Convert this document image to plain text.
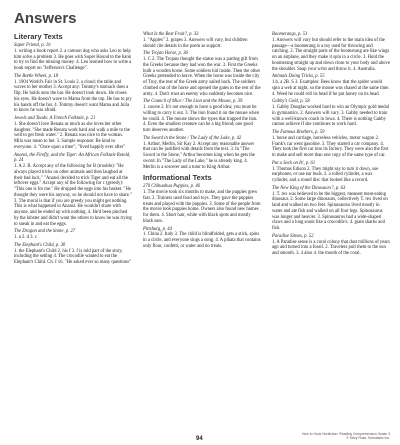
Answers
Literary Texts
Super Friend, p. 1b
1. writing a book report 2. a cartoon dog who asks Leo to help him solve a problem 3. He goes with Super Hound to the bank to try to find the missing money. 4. Leo learned how to write a book report on "Jefferson's Challenge".
The Bottle Wheel, p. 18
1. 1904 World's Fair in St. Louis 2. a cloud; the table and waves to her mother 3. Accept any: Tommy's stomach does a flip. He holds onto the bar. He doesn't look down. He closes his eyes. He doesn't wave to Mama from the top. He has to pry his hands off the bar. 4. Tommy doesn't want Mama and Julia to know he was afraid.
Jewels and Toads: A French Folktale, p. 21
1. She doesn't love Renata as much as she loves her other daughter. "She made Renata work hard and walk a mile to the well to get fresh water." 2. Renata was nice to the woman. Mila was mean to her. 3. Sample response: Be kind to everyone. 4. "Once upon a time"; "lived happily ever after"
Anansi, the Firefly, and the Tiger: An African Folktale Retold, p. 24
1. A 2. B. Accept any of the following for B (trouble): "He always played tricks on other animals and then laughed at their bad luck." "Anansi decided to trick Tiger and eat all the leftover eggs." Accept any of the following for c (greedy): "This one is for me." He dropped the eggs into his basket. "He thought they were his anyway, so he should not have to share." 3. The moral is that if you are greedy you might get nothing. This is what happened to Anansi. He wouldn't share with anyone, and he ended up with nothing. 4. He'd been pinched by the lobster and didn't want the others to know he was trying to sneak in and eat the eggs.
The Dragon and the Stone, p. 27
1. a 2. d 3. c
The Elephant's Child, p. 30
1. the Elephant's Child 2. his f 3. f is told part of the story, including the setting 4. The crocodile wanted to eat the Elephant's Child. Ch. f 16. "He asked ever so many questions"
What Is the Best Fruit?, p. 33
1. "Apples" 2. grapes 3. Answers will vary, but children should cite details in the poem as support.
The Trojan Horse, p. 36
1. C 2. The Trojans thought the statue was a parting gift from the Greeks because they had won the war. 3. First the Greeks built a wooden horse. Some soldiers hid inside. Then the other Greeks pretended to leave. When the horse was inside the city of Troy, the rest of the Greek army sailed back. The soldiers climbed out of the horse and opened the gates to the rest of the army. 4. Don't trust an enemy who suddenly becomes nice.
The Council of Mice / The Lion and the Mouse, p. 39
1. course 2. It's not enough to have a good idea; you must be willing to carry it out. 3. The lion found it on the mouse when he could. 4. The mouse shows the types that trapped the lion. 4. Even the smallest creature can be a big friend; one good turn deserves another.
The Sword in the Stone / The Lady of the Lake, p. 42
1. Arthur, Merlin, Sir Kay 2. Accept any reasonable answer that can be justified with details from the text. 3. In "The Sword in the Stone," Arthur becomes king when he gets the sword. In "The Lady of the Lake," he is already king. 4. Merlin is a sorcerer and a tutor to King Arthur.
Informational Texts
270 Chihuahua Puppies, p. 46
1. The movie took six months to make, and the puppies grew fast. 2. Trainers used food and toys. They gave the puppies treats and played with the puppies. 3. Some of the people from the movie took puppies home. Owners also found new homes for them. 4. Short hair, white with black spots and mostly black ears.
Pittsburg, p. 44
1. China 2. Italy 3. The child is blindfolded, gets a stick, spins in a circle, and everyone sings a song. 4. A piñata that contains only flour, confetti, or water and no treats.
Boomerangs, p. 51
1. Answers will vary but should refer to the main idea of the passage—a boomerang is a toy used for throwing and catching. 2. The straight parts of the boomerang are like wings on an airplane, and they make it spin in a circle. 3. Hold the boomerang straight up and down close to your body and above the shoulder. Snap your wrist and throw it. 4. Australia.
Animals Doing Tricks, p. 55
1.b, a 2B. S 3. Examples: Bees know that the spider would spin a web at night, so the moose was chased at the same time. 4. Weed he could roll its head if he put honey on its head.
Gabby's Gold, p. 58
1. Gabby Douglas worked hard to win an Olympic gold medal in gymnastics. 2. Answers will vary. 3. Gabby needed to train with a well-known coach in Iowa. 4. There is nothing Gabby cannot achieve if she continues to work hard.
The Famous Brothers, p. 59
1. horse and carriage, horseless vehicles, motor wagon 2. Frank's car went gasoline. 3. They started a car company. 4. They took the first car into its factory. They were also the first to make and sell more than one copy of the same type of car.
Put a Sock on It!, p. 61
1. Thomas Edison 2. They might say to turn it down, use earphones, or use ear buds. 3. a rolled cylinder, a wax cylinder, and a round disc that looked like a record.
The New King of the Dinosaurs?, p. 63
1. T. rex was believed to be the biggest, meanest meat-eating dinosaur. 2. Some large dinosaurs, collectively T. rex lived on land and walked on two feet. Spinosaurus lived mostly in water and ate fish and walked on all four legs. Spinosaurus was longer and heavier. 3. Spinosaurus had a wide-shaped claws and a long snout like a crocodile's. 4. giant sharks and fish.
Paradise Sinses, p. 52
1. A Paradise sense is a coral colony that dust millions of years ago and turned into a fossil. 2. Travelers pull them to the sun and smooth. 3. 4 aloo 4. the mouth of the coral.
94
How to Hook Nonfiction: Reading Comprehension Grade 3
© Mary Rose, Scholastic Inc.
